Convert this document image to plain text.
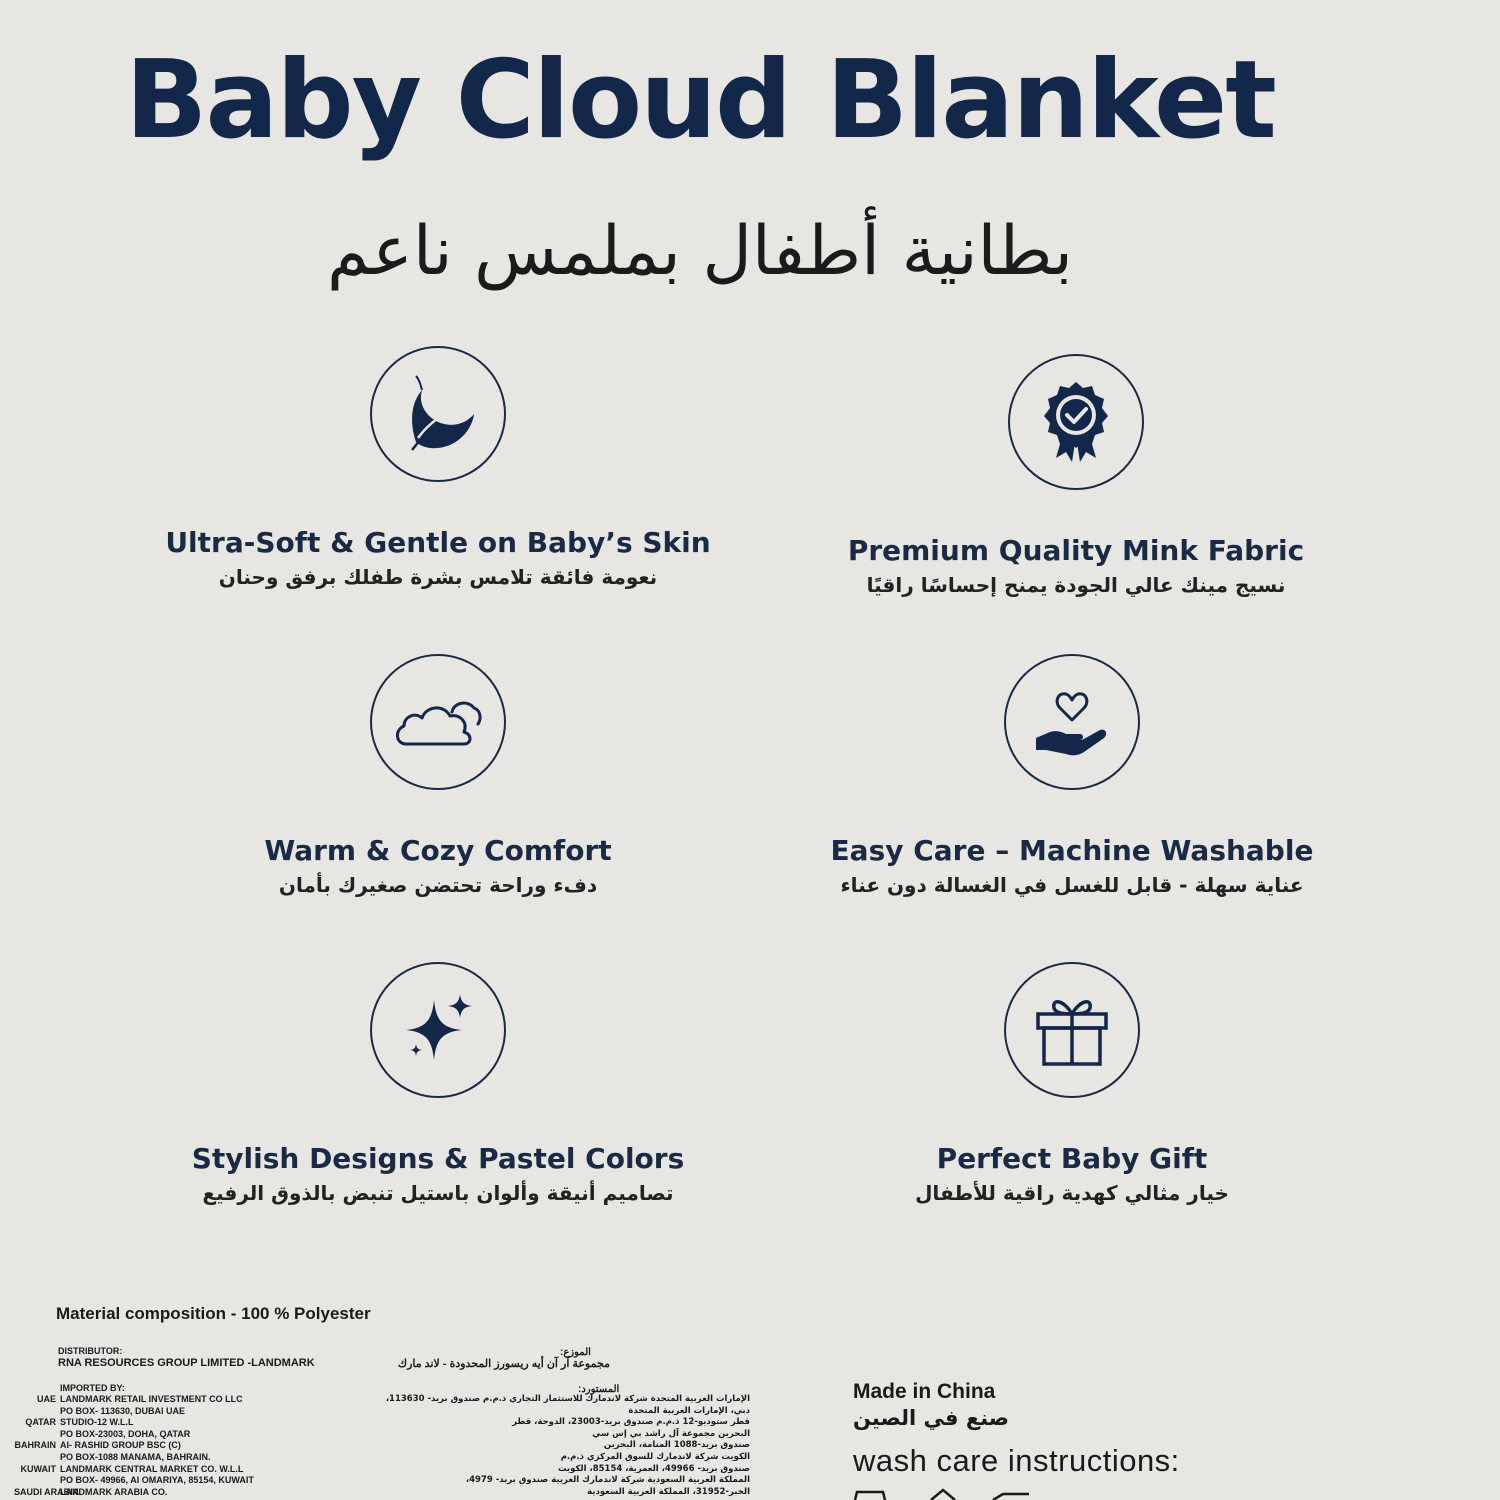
Baby Cloud Blanket
بطانية أطفال بملمس ناعم
Ultra-Soft & Gentle on Baby’s Skin
نعومة فائقة تلامس بشرة طفلك برفق وحنان
Premium Quality Mink Fabric
نسيج مينك عالي الجودة يمنح إحساسًا راقيًا
Warm & Cozy Comfort
دفء وراحة تحتضن صغيرك بأمان
Easy Care – Machine Washable
عناية سهلة - قابل للغسل في الغسالة دون عناء
Stylish Designs & Pastel Colors
تصاميم أنيقة وألوان باستيل تنبض بالذوق الرفيع
Perfect Baby Gift
خيار مثالي كهدية راقية للأطفال
Material composition - 100 % Polyester
DISTRIBUTOR:
RNA RESOURCES GROUP LIMITED -LANDMARK
الموزع:
مجموعة آر آن أيه ريسورز المحدودة - لاند مارك
IMPORTED BY:	المستورد:
UAE LANDMARK RETAIL INVESTMENT CO LLC
PO BOX- 113630, DUBAI UAE
QATAR STUDIO-12 W.L.L
PO BOX-23003, DOHA, QATAR
BAHRAIN AI- RASHID GROUP BSC (C)
PO BOX-1088 MANAMA, BAHRAIN.
KUWAIT LANDMARK CENTRAL MARKET CO. W.L.L
PO BOX- 49966, AI OMARIYA, 85154, KUWAIT
SAUDI ARABIA
LANDMARK ARABIA CO.
الإمارات العربية المتحدة شركة لاندمارك للاستثمار التجاري ذ.م.م صندوق بريد- 113630،
دبي، الإمارات العربية المتحدة
قطر ستوديو-12 ذ.م.م صندوق بريد-23003، الدوحة، قطر
البحرين مجموعة آل راشد بي إس سي
صندوق بريد-1088 المنامة، البحرين
الكويت شركة لاندمارك للسوق المركزي ذ.م.م
صندوق بريد- 49966، العمرية، 85154، الكويت
المملكة العربية السعودية شركة لاندمارك العربية صندوق بريد- 4979،
الخبر-31952، المملكة العربية السعودية
Made in China
صنع في الصين
wash care instructions:
